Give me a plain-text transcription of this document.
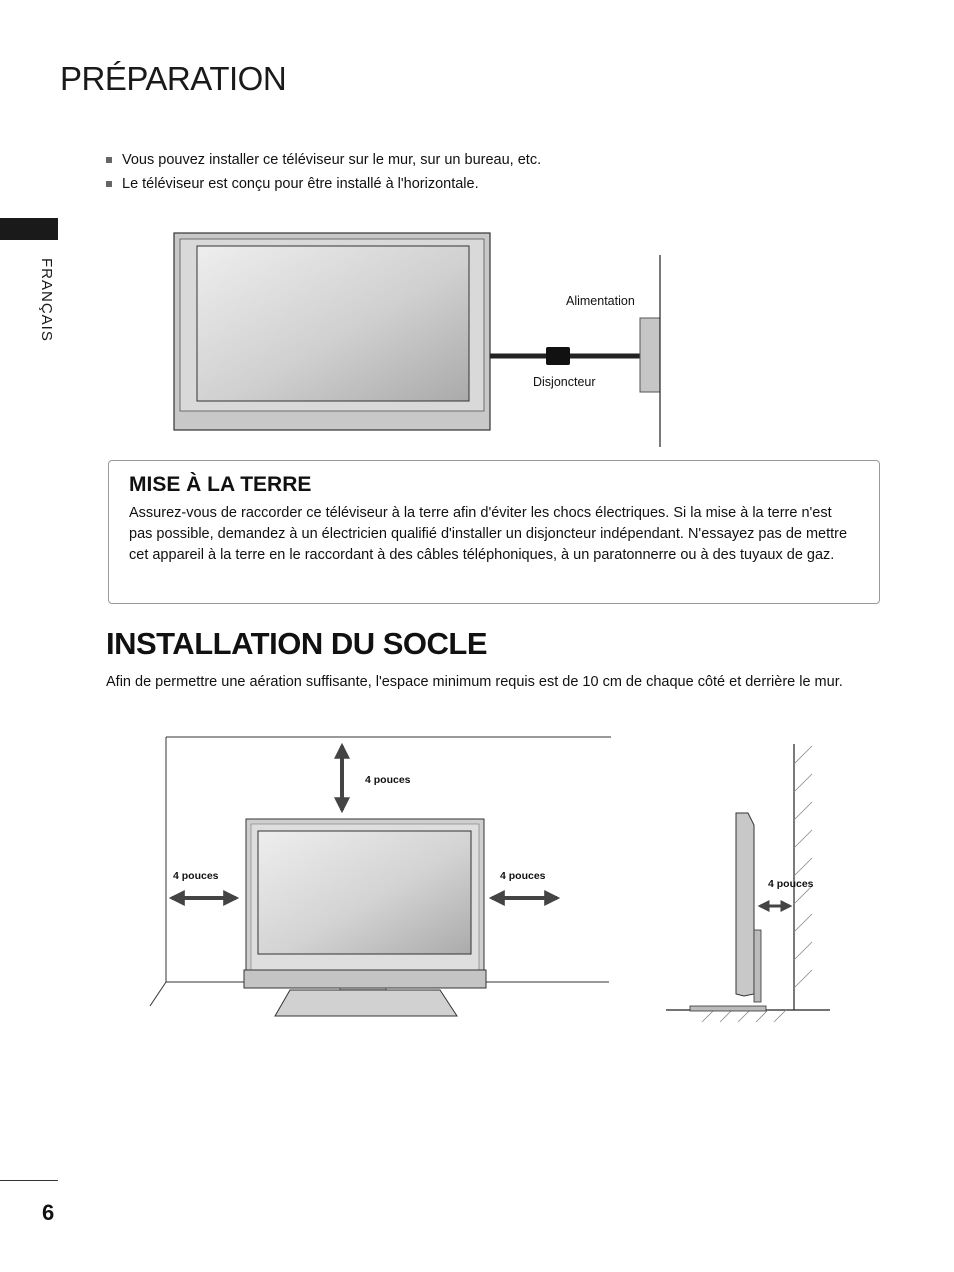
PRÉPARATION
Vous pouvez installer ce téléviseur sur le mur, sur un bureau, etc.
Le téléviseur est conçu pour être installé à l'horizontale.
FRANÇAIS	Alimentation
Disjoncteur
MISE À LA TERRE
Assurez-vous de raccorder ce téléviseur à la terre afin d'éviter les chocs électriques. Si la mise à la terre n'est pas possible, demandez à un électricien qualifié d'installer un disjoncteur indépendant. N'essayez pas de mettre cet appareil à la terre en le raccordant à des câbles téléphoniques, à un paratonnerre ou à des tuyaux de gaz.
INSTALLATION DU SOCLE
Afin de permettre une aération suffisante, l'espace minimum requis est de 10 cm de chaque côté et derrière le mur.
4 pouces
4 pouces	4 pouces
4 pouces
6
